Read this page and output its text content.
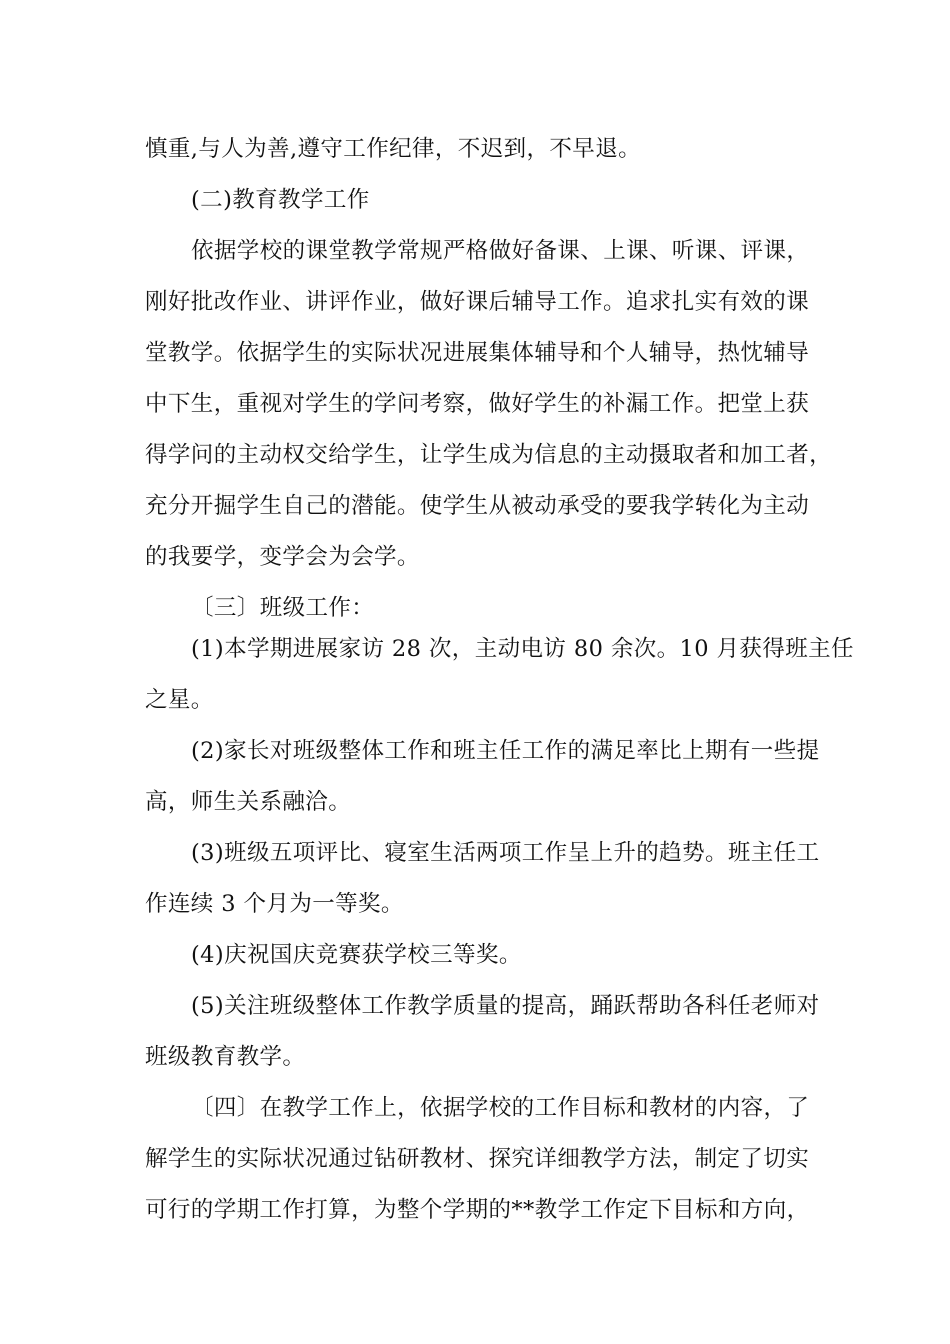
慎重,与人为善,遵守工作纪律，不迟到，不早退。
(二)教育教学工作
依据学校的课堂教学常规严格做好备课、上课、听课、评课，
刚好批改作业、讲评作业，做好课后辅导工作。追求扎实有效的课
堂教学。依据学生的实际状况进展集体辅导和个人辅导，热忱辅导
中下生，重视对学生的学问考察，做好学生的补漏工作。把堂上获
得学问的主动权交给学生，让学生成为信息的主动摄取者和加工者，
充分开掘学生自己的潜能。使学生从被动承受的要我学转化为主动
的我要学，变学会为会学。
〔三〕班级工作：
(1)本学期进展家访 28 次，主动电访 80 余次。10 月获得班主任
之星。
(2)家长对班级整体工作和班主任工作的满足率比上期有一些提
高，师生关系融洽。
(3)班级五项评比、寝室生活两项工作呈上升的趋势。班主任工
作连续 3 个月为一等奖。
(4)庆祝国庆竞赛获学校三等奖。
(5)关注班级整体工作教学质量的提高，踊跃帮助各科任老师对
班级教育教学。
〔四〕在教学工作上，依据学校的工作目标和教材的内容，了
解学生的实际状况通过钻研教材、探究详细教学方法，制定了切实
可行的学期工作打算，为整个学期的**教学工作定下目标和方向，
